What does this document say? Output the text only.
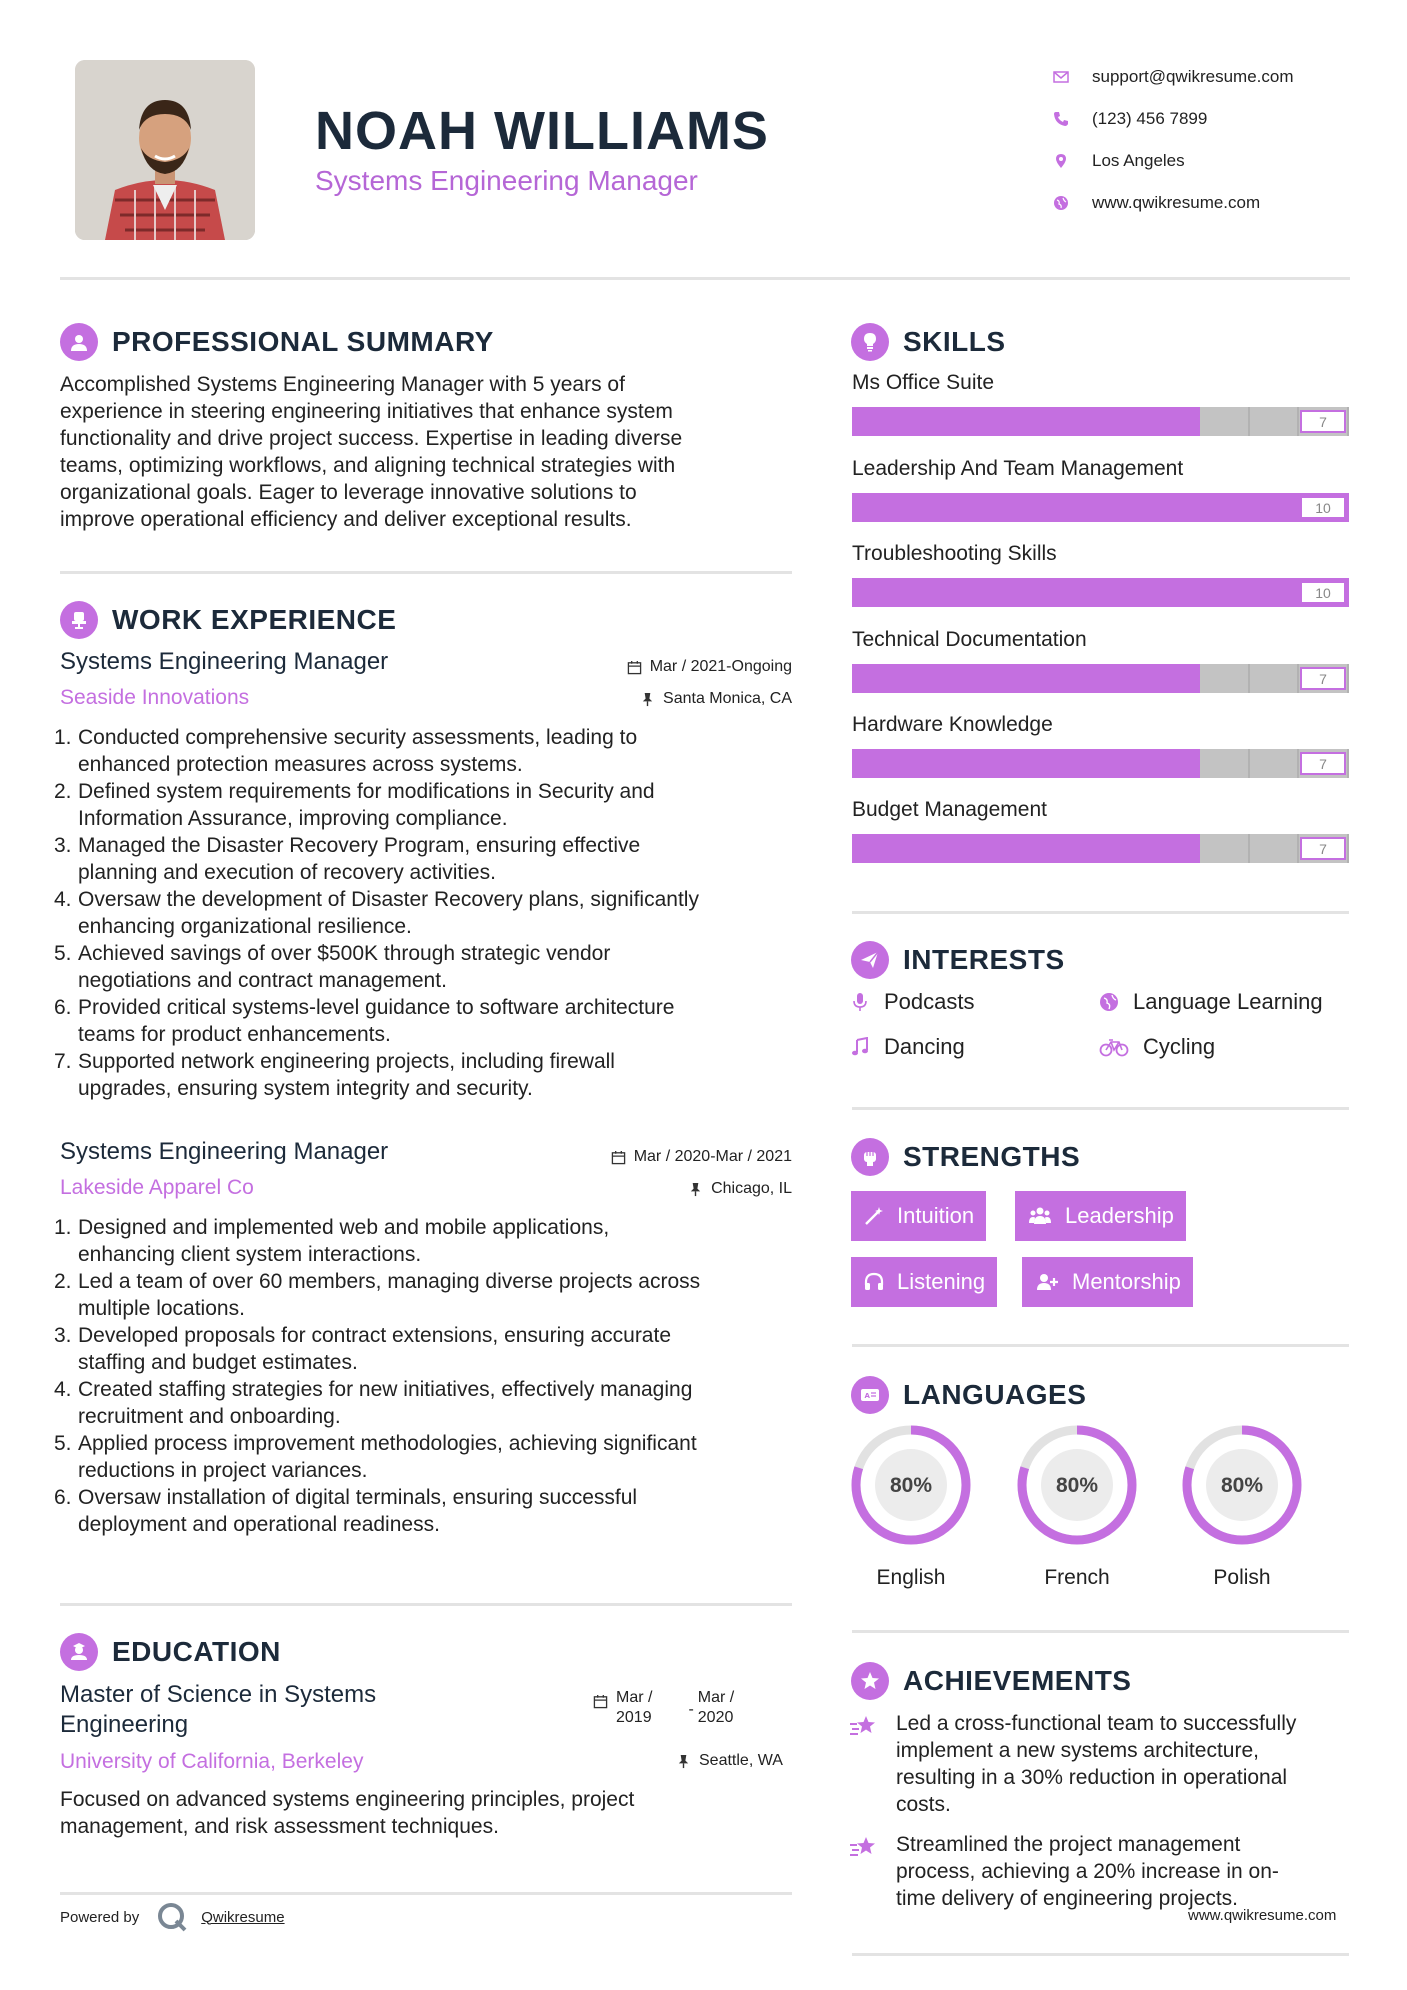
NOAH WILLIAMS
Systems Engineering Manager
support@qwikresume.com
(123) 456 7899
Los Angeles
www.qwikresume.com
PROFESSIONAL SUMMARY
Accomplished Systems Engineering Manager with 5 years of
experience in steering engineering initiatives that enhance system
functionality and drive project success. Expertise in leading diverse
teams, optimizing workflows, and aligning technical strategies with
organizational goals. Eager to leverage innovative solutions to
improve operational efficiency and deliver exceptional results.
WORK EXPERIENCE
Systems Engineering Manager
Seaside Innovations
Mar / 2021-Ongoing
Santa Monica, CA
1. Conducted comprehensive security assessments, leading to
enhanced protection measures across systems.
2. Defined system requirements for modifications in Security and
Information Assurance, improving compliance.
3. Managed the Disaster Recovery Program, ensuring effective
planning and execution of recovery activities.
4. Oversaw the development of Disaster Recovery plans, significantly
enhancing organizational resilience.
5. Achieved savings of over $500K through strategic vendor
negotiations and contract management.
6. Provided critical systems-level guidance to software architecture
teams for product enhancements.
7. Supported network engineering projects, including firewall
upgrades, ensuring system integrity and security.
Systems Engineering Manager
Lakeside Apparel Co
Mar / 2020-Mar / 2021
Chicago, IL
1. Designed and implemented web and mobile applications,
enhancing client system interactions.
2. Led a team of over 60 members, managing diverse projects across
multiple locations.
3. Developed proposals for contract extensions, ensuring accurate
staffing and budget estimates.
4. Created staffing strategies for new initiatives, effectively managing
recruitment and onboarding.
5. Applied process improvement methodologies, achieving significant
reductions in project variances.
6. Oversaw installation of digital terminals, ensuring successful
deployment and operational readiness.
EDUCATION
Master of Science in Systems
Engineering
Mar /
2019 -
Mar /
2020
University of California, Berkeley	Seattle, WA
Focused on advanced systems engineering principles, project
management, and risk assessment techniques.
SKILLS
Ms Office Suite
7
Leadership And Team Management
10
Troubleshooting Skills
10
Technical Documentation
7
Hardware Knowledge
7
Budget Management
7
INTERESTS
Podcasts	Language Learning
Dancing	Cycling
STRENGTHS
Intuition	Leadership
Listening	Mentorship
A LANGUAGES
80%
English
80%
French
80%
Polish
ACHIEVEMENTS
Led a cross-functional team to successfully
implement a new systems architecture,
resulting in a 30% reduction in operational
costs.
Streamlined the project management
process, achieving a 20% increase in on-
time delivery of engineering projects.
Powered by	Qwikresume	www.qwikresume.com
